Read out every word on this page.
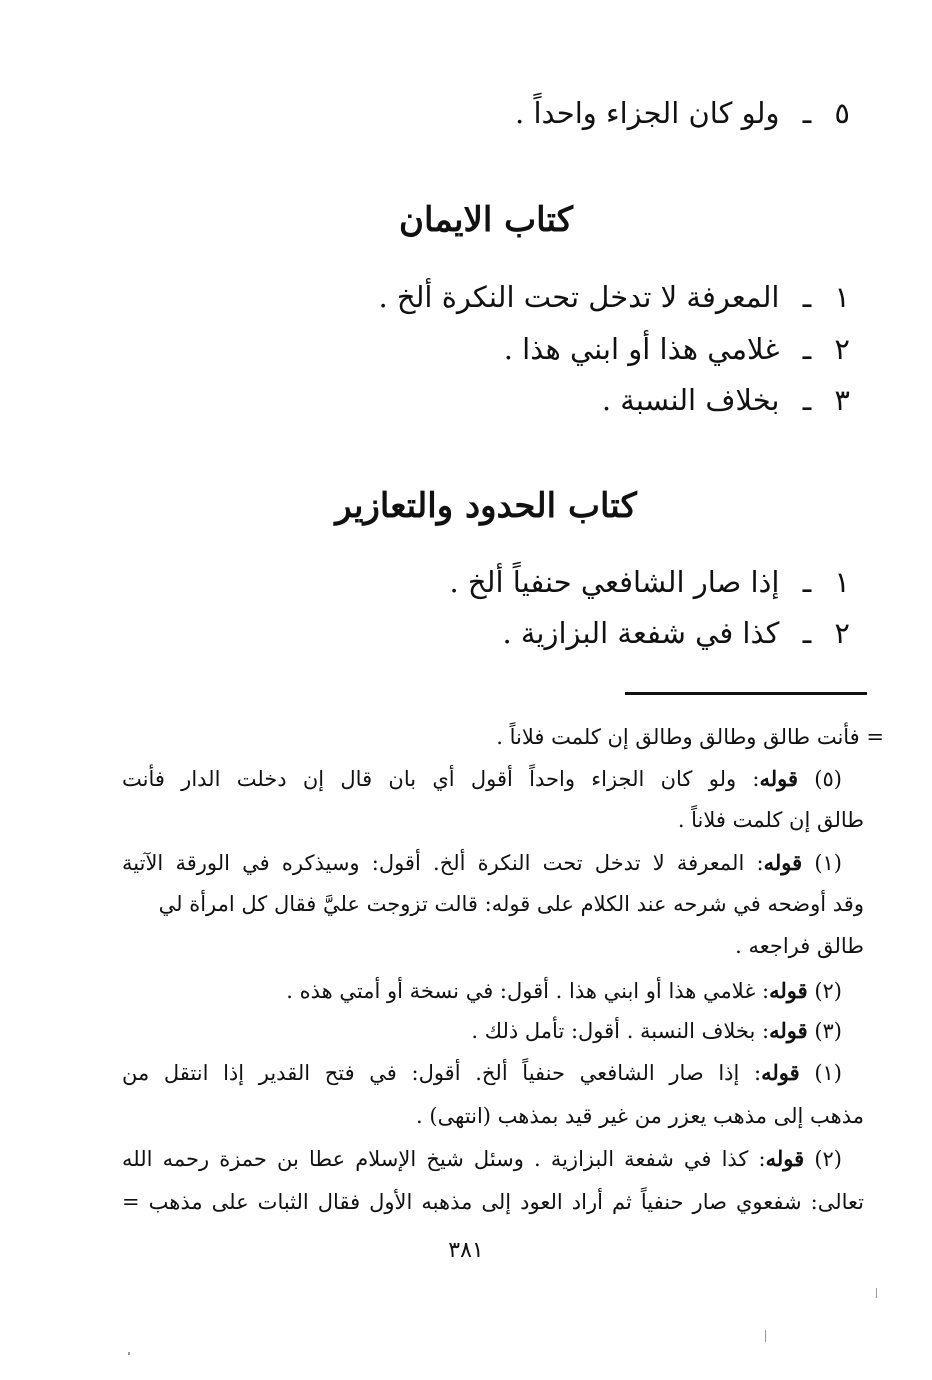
٥ ـ ولو كان الجزاء واحداً .
كتاب الايمان
١ ـ المعرفة لا تدخل تحت النكرة ألخ .
٢ ـ غلامي هذا أو ابني هذا .
٣ ـ بخلاف النسبة .
كتاب الحدود والتعازير
١ ـ إذا صار الشافعي حنفياً ألخ .
٢ ـ كذا في شفعة البزازية .
= فأنت طالق وطالق وطالق إن كلمت فلاناً .
(٥) قوله: ولو كان الجزاء واحداً أقول أي بان قال إن دخلت الدار فأنت
طالق إن كلمت فلاناً .
(١) قوله: المعرفة لا تدخل تحت النكرة ألخ. أقول: وسيذكره في الورقة الآتية
وقد أوضحه في شرحه عند الكلام على قوله: قالت تزوجت عليَّ فقال كل امرأة لي
طالق فراجعه .
(٢) قوله: غلامي هذا أو ابني هذا . أقول: في نسخة أو أمتي هذه .
(٣) قوله: بخلاف النسبة . أقول: تأمل ذلك .
(١) قوله: إذا صار الشافعي حنفياً ألخ. أقول: في فتح القدير إذا انتقل من
مذهب إلى مذهب يعزر من غير قيد بمذهب (انتهى) .
(٢) قوله: كذا في شفعة البزازية . وسئل شيخ الإسلام عطا بن حمزة رحمه الله
تعالى: شفعوي صار حنفياً ثم أراد العود إلى مذهبه الأول فقال الثبات على مذهب =
٣٨١
